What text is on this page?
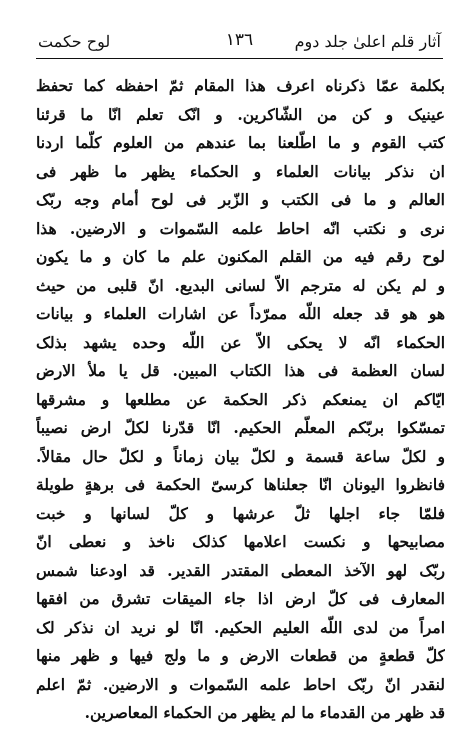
آثار قلم اعلیٰ جلد دوم
١٣٦
لوح حکمت
بکلمة عمّا ذکرناه اعرف هذا المقام ثمّ احفظه کما تحفظ
عینیک و کن من الشّاکرین. و انّک تعلم انّا ما قرئنا
کتب القوم و ما اطّلعنا بما عندهم من العلوم کلّما اردنا
ان نذکر بیانات العلماء و الحکماء یظهر ما ظهر فی
العالم و ما فی الکتب و الزّبر فی لوح أمام وجه ربّک
نری و نکتب انّه احاط علمه السّموات و الارضین. هذا
لوح رقم فیه من القلم المکنون علم ما کان و ما یکون
و لم یکن له مترجم الاّ لسانی البدیع. انّ قلبی من حیث
هو هو قد جعله اللّه ممرّداً عن اشارات العلماء و بیانات
الحکماء انّه لا یحکی الاّ عن اللّه وحده یشهد بذلک
لسان العظمة فی هذا الکتاب المبین. قل یا ملأ الارض
ایّاکم ان یمنعکم ذکر الحکمة عن مطلعها و مشرقها
تمسّکوا بربّکم المعلّم الحکیم. انّا قدّرنا لکلّ ارض نصیباً
و لکلّ ساعة قسمة و لکلّ بیان زماناً و لکلّ حال مقالاً.
فانظروا الیونان انّا جعلناها کرسیّ الحکمة فی برهةٍ طویلة
فلمّا جاء اجلها ثلّ عرشها و کلّ لسانها و خبت
مصابیحها و نکست اعلامها کذلک ناخذ و نعطی انّ
ربّک لهو الآخذ المعطی المقتدر القدیر. قد اودعنا شمس
المعارف فی کلّ ارض اذا جاء المیقات تشرق من افقها
امراً من لدی اللّه العلیم الحکیم. انّا لو نرید ان نذکر لک
کلّ قطعةٍ من قطعات الارض و ما ولج فیها و ظهر منها
لنقدر انّ ربّک احاط علمه السّموات و الارضین. ثمّ اعلم
قد ظهر من القدماء ما لم یظهر من الحکماء المعاصرین.
